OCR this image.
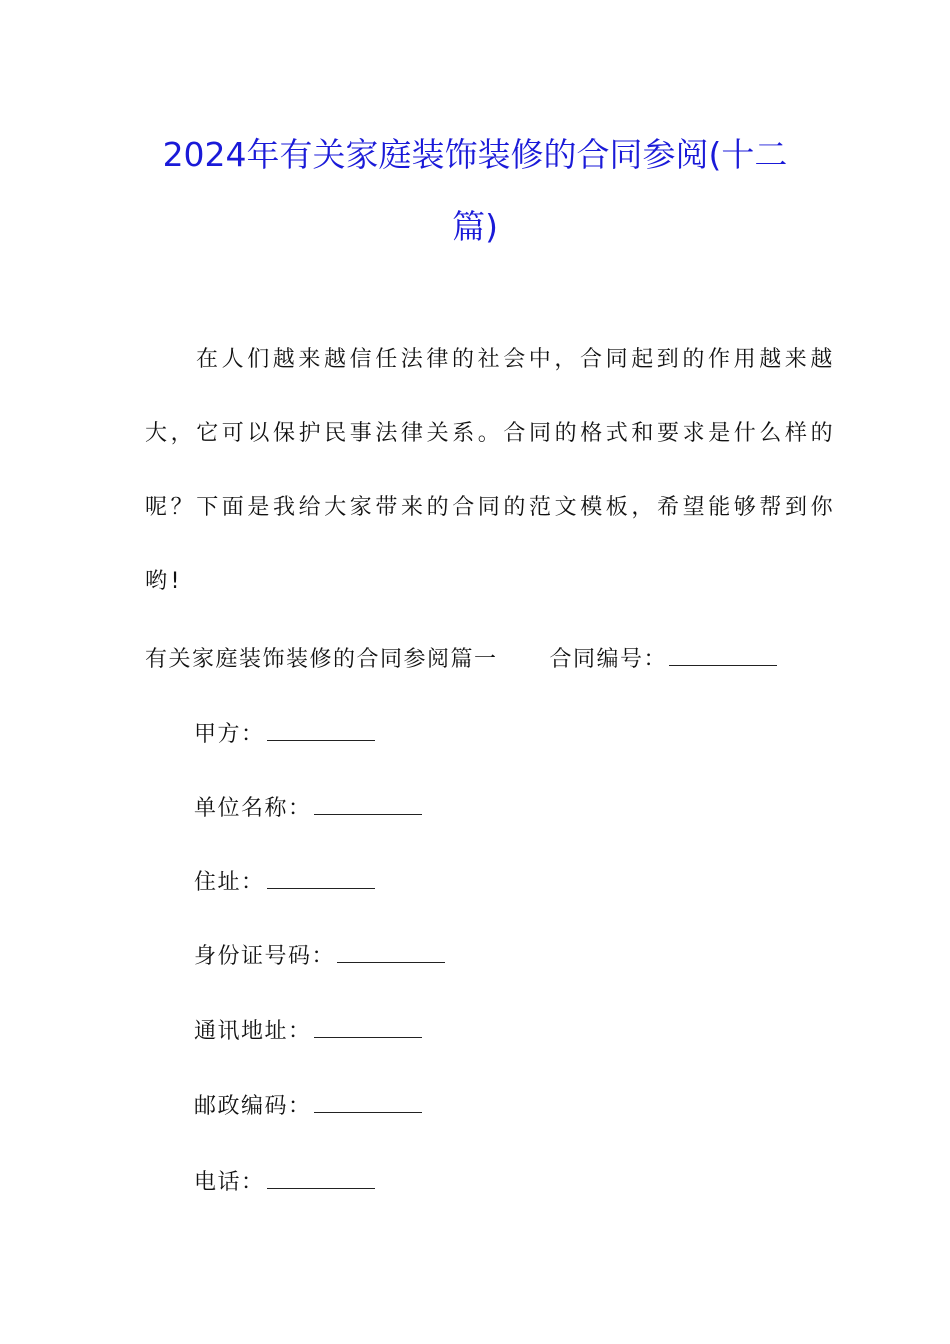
2024年有关家庭装饰装修的合同参阅(十二
篇)
在人们越来越信任法律的社会中，合同起到的作用越来越
大，它可以保护民事法律关系。合同的格式和要求是什么样的
呢？下面是我给大家带来的合同的范文模板，希望能够帮到你
哟!
有关家庭装饰装修的合同参阅篇一 合同编号：
甲方：
单位名称：
住址：
身份证号码：
通讯地址：
邮政编码：
电话：
